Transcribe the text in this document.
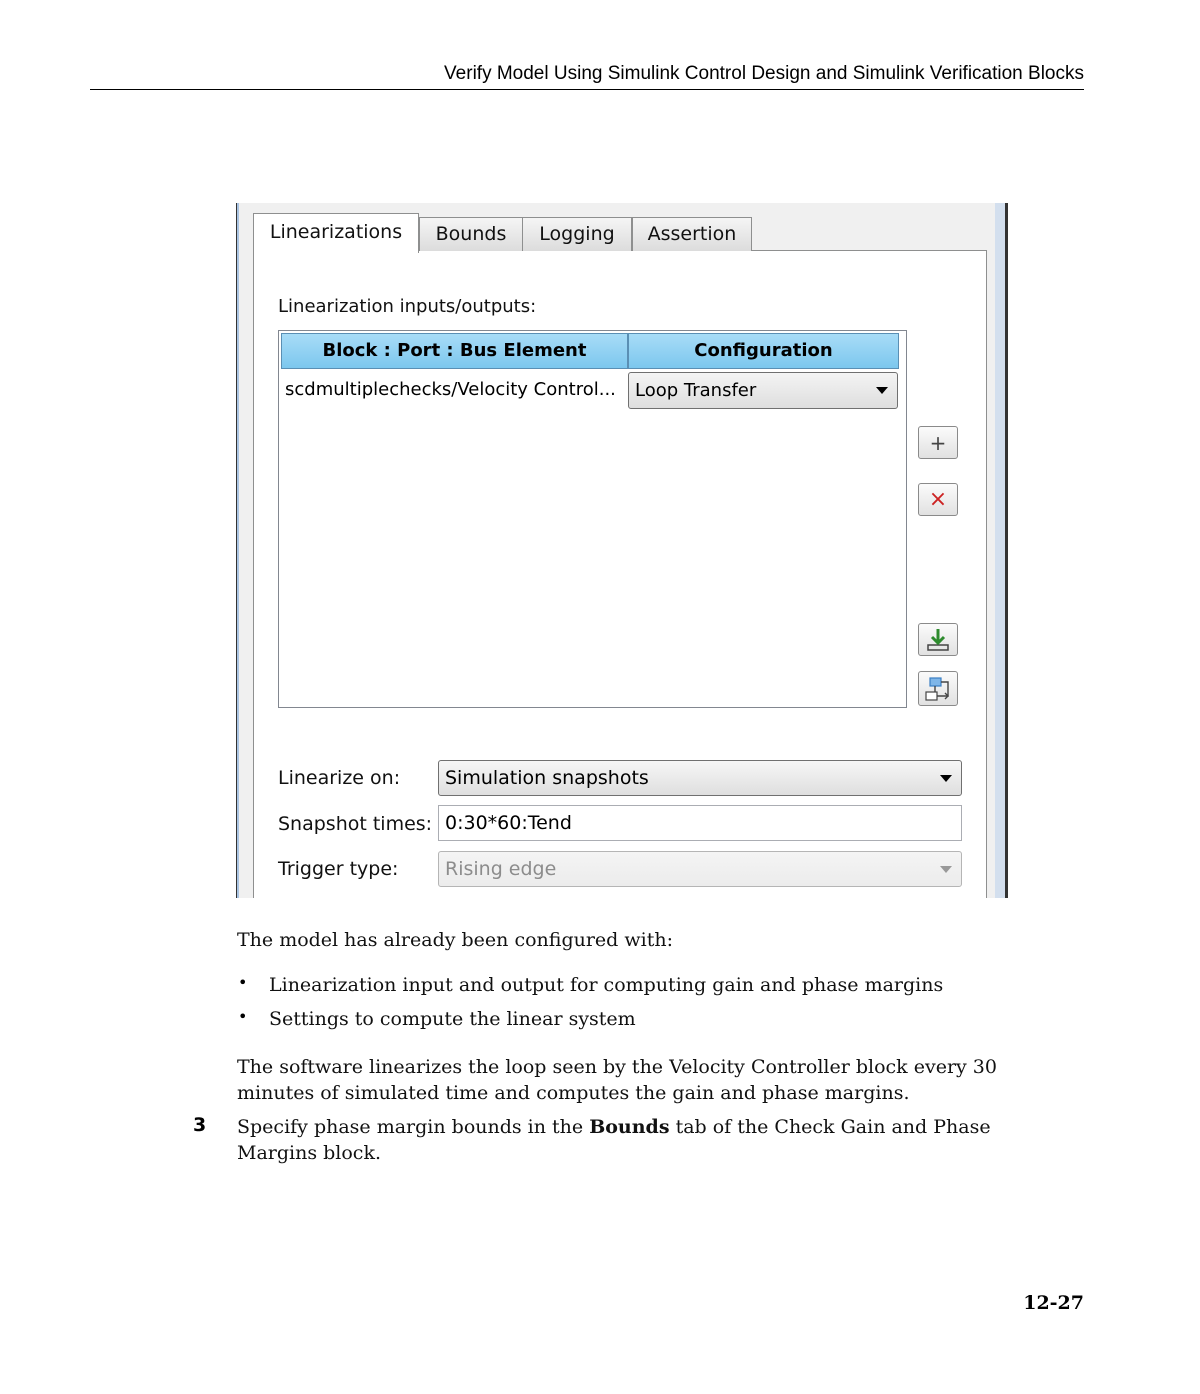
Verify Model Using Simulink Control Design and Simulink Verification Blocks
Linearizations	Bounds	Logging	Assertion
Linearization inputs/outputs:
Block : Port : Bus Element	Configuration
scdmultiplechecks/Velocity Control...	Loop Transfer
+
×
Linearize on:	Simulation snapshots
Snapshot times: 0:30*60:Tend
Trigger type:	Rising edge
The model has already been configured with:
• Linearization input and output for computing gain and phase margins
• Settings to compute the linear system
The software linearizes the loop seen by the Velocity Controller block every 30 minutes of simulated time and computes the gain and phase margins.
3 Specify phase margin bounds in the Bounds tab of the Check Gain and Phase Margins block.
12-27
